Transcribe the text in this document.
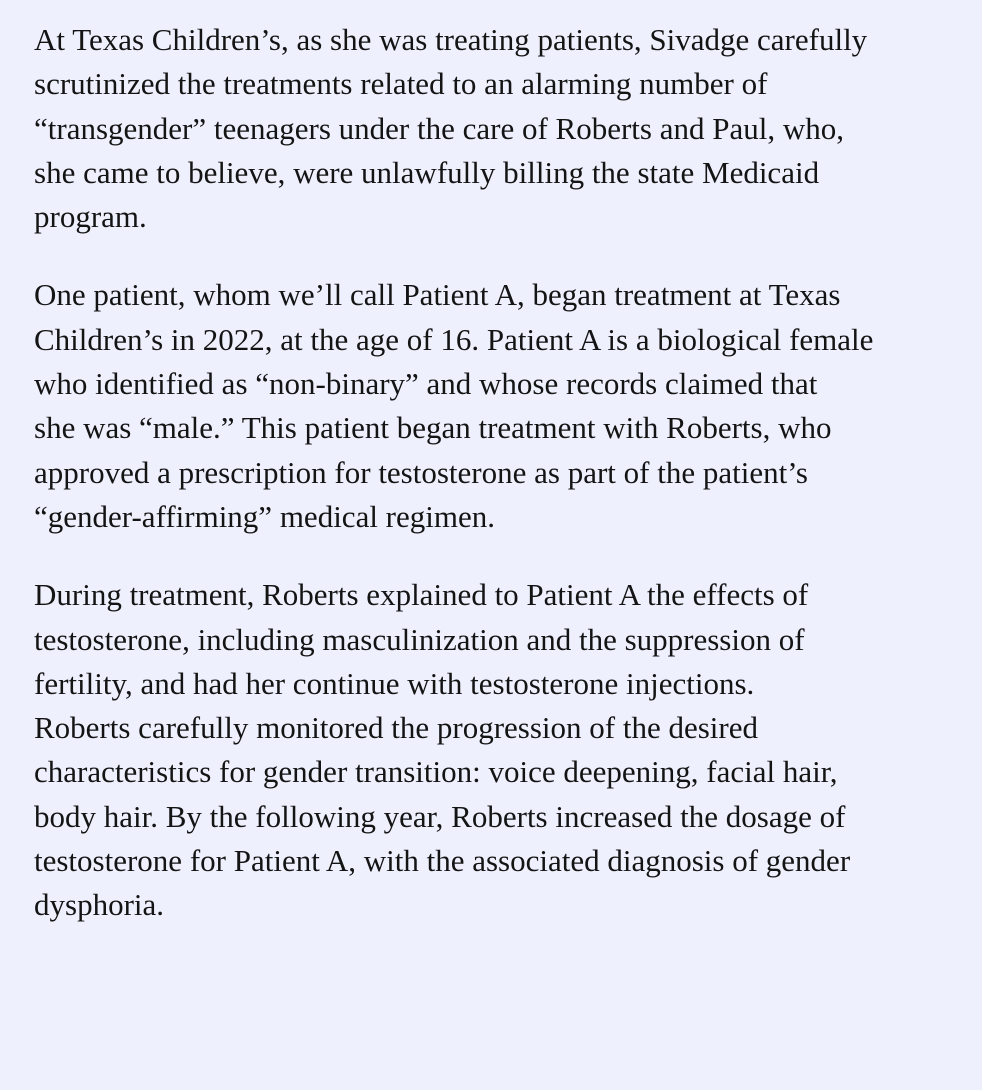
At Texas Children’s, as she was treating patients, Sivadge carefully
scrutinized the treatments related to an alarming number of
“transgender” teenagers under the care of Roberts and Paul, who,
she came to believe, were unlawfully billing the state Medicaid
program.

One patient, whom we’ll call Patient A, began treatment at Texas
Children’s in 2022, at the age of 16. Patient A is a biological female
who identified as “non-binary” and whose records claimed that
she was “male.” This patient began treatment with Roberts, who
approved a prescription for testosterone as part of the patient’s
“gender-affirming” medical regimen.

During treatment, Roberts explained to Patient A the effects of
testosterone, including masculinization and the suppression of
fertility, and had her continue with testosterone injections.
Roberts carefully monitored the progression of the desired
characteristics for gender transition: voice deepening, facial hair,
body hair. By the following year, Roberts increased the dosage of
testosterone for Patient A, with the associated diagnosis of gender
dysphoria.
